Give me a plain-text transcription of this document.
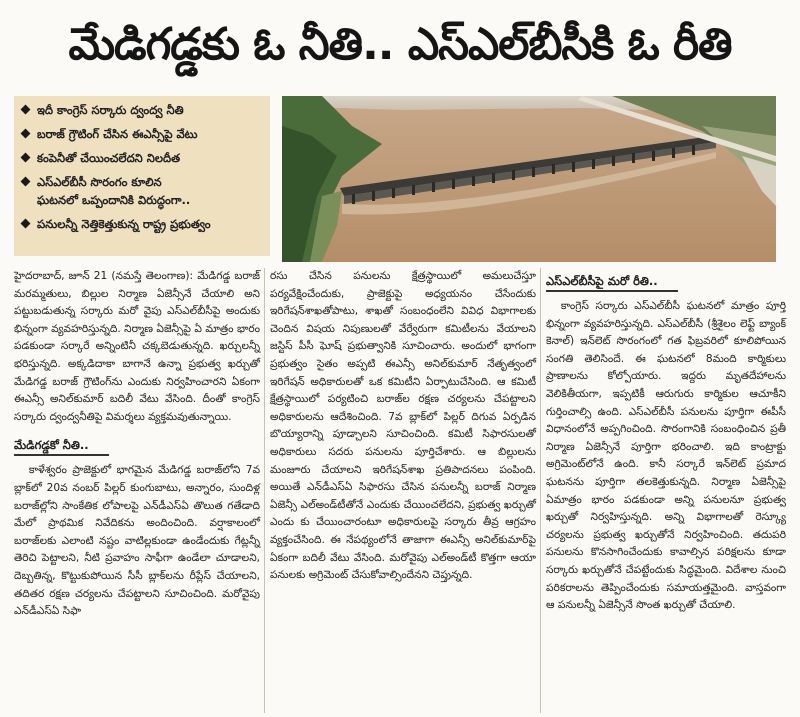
మేడిగడ్డకు ఓ నీతి.. ఎస్ఎల్‌బీసీకి ఓ రీతి
ఇదీ కాంగ్రెస్ సర్కారు ద్వంద్వ నీతి
బరాజ్ గ్రౌటింగ్ చేసిన ఈఎన్సీపై వేటు
కంపెనీతో చేయించలేదని నిలదీత
ఎస్ఎల్‌బీసీ సొరంగం కూలిన
ఘటనలో ఒప్పందానికి విరుద్ధంగా..
పనులన్నీ నెత్తికెత్తుకున్న రాష్ట్ర ప్రభుత్వం

హైదరాబాద్, జూన్ 21 (నమస్తే తెలంగాణ): మేడిగడ్డ బరాజ్ మరమ్మతులు, బిల్లుల నిర్మాణ ఏజెన్సీనే చేయాలి అని పట్టుబడుతున్న సర్కారు మరో వైపు ఎస్ఎల్‌బీసీపై అందుకు భిన్నంగా వ్యవహరిస్తున్నది. నిర్మాణ ఏజెన్సీపై ఏ మాత్రం భారం పడకుండా సర్కారే అన్నింటినీ చక్కబెడుతున్నది. ఖర్చులన్నీ భరిస్తున్నది. అక్కడిదాకా బాగానే ఉన్నా ప్రభుత్వ ఖర్చుతో మేడిగడ్డ బరాజ్ గ్రౌటింగ్‌ను ఎందుకు నిర్వహించారని ఏకంగా ఈఎన్సీ అనిల్‌కుమార్ బదిలీ వేటు వేసింది. దీంతో కాంగ్రెస్ సర్కారు ద్వంద్వనీతిపై విమర్శలు వ్యక్తమవుతున్నాయి.

మేడిగడ్డకో నీతి..

కాళేశ్వరం ప్రాజెక్టులో భాగమైన మేడిగడ్డ బరాజ్‌లోని 7వ బ్లాక్‌లో 20వ నంబర్ పిల్లర్ కుంగుబాటు, అన్నారం, సుందిళ్ల బరాజ్‌ల్లోని సాంకేతిక లోపాలపై ఎన్‌డీఎస్‌ఏ తొలుత గతేడాది మేలో ప్రాథమిక నివేదికను అందించింది. వర్షాకాలంలో బరాజ్‌లకు ఎలాంటి నష్టం వాటిల్లకుండా ఉండేందుకు గేట్లన్నీ తెరిచి పెట్టాలని, నీటి ప్రవాహం సాఫీగా ఉండేలా చూడాలని, దెబ్బతిన్న, కొట్టుకుపోయిన సీసీ బ్లాక్‌లను రీప్లేస్ చేయాలని, తదితర రక్షణ చర్యలను చేపట్టాలని సూచించింది. మరోవైపు ఎన్‌డీఎస్‌ఏ సిఫా

రసు చేసిన పనులను క్షేత్రస్థాయిలో అమలుచేస్తూ పర్యవేక్షించేందుకు, ప్రాజెక్టుపై అధ్యయనం చేసేందుకు ఇరిగేషన్‌శాఖతోపాటు, శాఖతో సంబంధంలేని వివిధ విభాగాలకు చెందిన విషయ నిపుణులతో వేర్వేరుగా కమిటీలను వేయాలని జస్టిస్ పీసీ ఘోష్ ప్రభుత్వానికి సూచించారు. అందులో భాగంగా ప్రభుత్వం సైతం అప్పటి ఈఎన్సీ అనిల్‌కుమార్ నేతృత్వంలో ఇరిగేషన్ అధికారులతో ఒక కమిటీని ఏర్పాటుచేసింది. ఆ కమిటీ క్షేత్రస్థాయిలో పర్యటించి బరాజ్‌ల రక్షణ చర్యలను చేపట్టాలని అధికారులను ఆదేశించింది. 7వ బ్లాక్‌లో పిల్లర్ దిగువ ఏర్పడిన బొయ్యారాన్ని పూడ్చాలని సూచించింది. కమిటీ సిఫారసులతో అధికారులు సదరు పనులను పూర్తిచేశారు. ఆ బిల్లులను మంజూరు చేయాలని ఇరిగేషన్‌శాఖ ప్రతిపాదనలు పంపింది. అయితే ఎన్‌డీఎస్‌ఏ సిఫారసు చేసిన పనులన్నీ బరాజ్ నిర్మాణ ఏజెన్సీ ఎల్‌అండ్‌టీతోనే ఎందుకు చేయించలేదని, ప్రభుత్వ ఖర్చుతో ఎందు కు చేయించారంటూ అధికారులపై సర్కారు తీవ్ర ఆగ్రహం వ్యక్తంచేసింది. ఈ నేపథ్యంలోనే తాజాగా ఈఎన్సీ అనిల్‌కుమార్‌పై ఏకంగా బదిలీ వేటు వేసింది. మరోవైపు ఎల్‌అండ్‌టీ కొత్తగా ఆయా పనులకు అగ్రిమెంట్ చేసుకోవాల్సిందేనని చెప్తున్నది.

ఎస్ఎల్‌బీసీపై మరో రీతి..

కాంగ్రెస్ సర్కారు ఎస్ఎల్‌బీసీ ఘటనలో మాత్రం పూర్తి భిన్నంగా వ్యవహరిస్తున్నది. ఎస్ఎల్‌బీసీ (శ్రీశైలం లెఫ్ట్ బ్యాంక్ కెనాల్) ఇన్‌లెట్ సొరంగంలో గత ఫిబ్రవరిలో కూలిపోయిన సంగతి తెలిసిందే. ఈ ఘటనలో 8మంది కార్మికులు ప్రాణాలను కోల్పోయారు. ఇద్దరు మృతదేహాలను వెలికితీయగా, ఇప్పటికీ ఆరుగురు కార్మికుల ఆచూకీని గుర్తించాల్సి ఉంది. ఎస్ఎల్‌బీసీ పనులను పూర్తిగా ఈపీసీ విధానంలోనే అప్పగించింది. సొరంగానికి సంబంధించిన ప్రతీ నిర్మాణ ఏజెన్సీనే పూర్తిగా భరించాలి. ఇది కాంట్రాక్టు అగ్రిమెంట్‌లోనే ఉంది. కానీ సర్కారే ఇన్‌లెట్ ప్రమాద ఘటనను పూర్తిగా తలకెత్తుకున్నది. నిర్మాణ ఏజెన్సీపై ఏమాత్రం భారం పడకుండా అన్ని పనులనూ ప్రభుత్వ ఖర్చుతో నిర్వహిస్తున్నది. అన్ని విభాగాలతో రెస్క్యూ చర్యలను ప్రభుత్వ ఖర్చుతోనే నిర్వహించింది. తదుపరి పనులను కొనసాగించేందుకు కావాల్సిన పరిక్షలను కూడా సర్కారు ఖర్చుతోనే చేపట్టేందుకు సిద్ధమైంది. విదేశాల నుంచి పరికరాలను తెప్పించేందుకు సమాయత్తమైంది. వాస్తవంగా ఆ పనులన్నీ ఏజెన్సీనే సొంత ఖర్చుతో చేయాలి.
